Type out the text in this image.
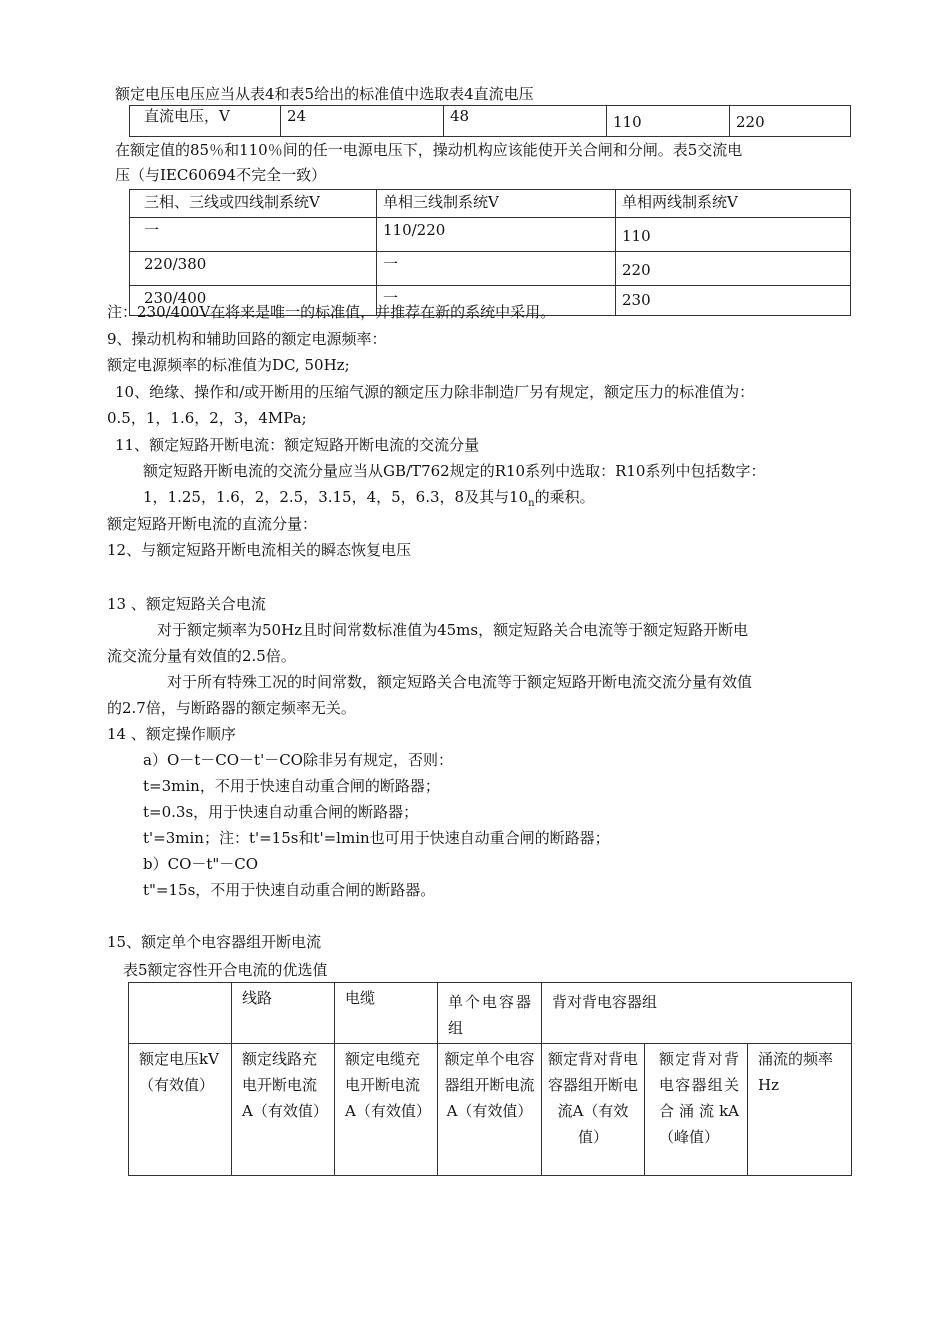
额定电压电压应当从表4和表5给出的标准值中选取表4直流电压
直流电压，V	24	48	110	220
在额定值的85％和110％间的任一电源电压下，操动机构应该能使开关合闸和分闸。表5交流电
压（与IEC60694不完全一致）
三相、三线或四线制系统V	单相三线制系统V	单相两线制系统V
一	110/220	110
220/380	一	220
230/400	一	230
注：230/400V在将来是唯一的标准值，并推荐在新的系统中采用。
9、操动机构和辅助回路的额定电源频率：
额定电源频率的标准值为DC, 50Hz;
10、绝缘、操作和/或开断用的压缩气源的额定压力除非制造厂另有规定，额定压力的标准值为：
0.5，1，1.6，2，3，4MPa;
11、额定短路开断电流：额定短路开断电流的交流分量
额定短路开断电流的交流分量应当从GB/T762规定的R10系列中选取：R10系列中包括数字：
1，1.25，1.6，2，2.5，3.15，4，5，6.3，8及其与$10_n$的乘积。
额定短路开断电流的直流分量：
12、与额定短路开断电流相关的瞬态恢复电压
13 、额定短路关合电流
对于额定频率为50Hz且时间常数标准值为45ms，额定短路关合电流等于额定短路开断电
流交流分量有效值的2.5倍。
对于所有特殊工况的时间常数，额定短路关合电流等于额定短路开断电流交流分量有效值
的2.7倍，与断路器的额定频率无关。
14 、额定操作顺序
a）O－t－CO－t'－CO除非另有规定，否则：
t=3min，不用于快速自动重合闸的断路器；
t=0.3s，用于快速自动重合闸的断路器；
t'=3min；注：t'=15s和t'=lmin也可用于快速自动重合闸的断路器；
b）CO－t"－CO
t"=15s，不用于快速自动重合闸的断路器。
15、额定单个电容器组开断电流
表5额定容性开合电流的优选值
	线路	电缆	单个电容器组	背对背电容器组		
额定电压kV（有效值）	额定线路充电开断电流A（有效值）	额定电缆充电开断电流A（有效值）	额定单个电容器组开断电流A（有效值）	额定背对背电容器组开断电流A（有效值）	额定背对背电容器组关合涌流kA（峰值）	涌流的频率Hz
